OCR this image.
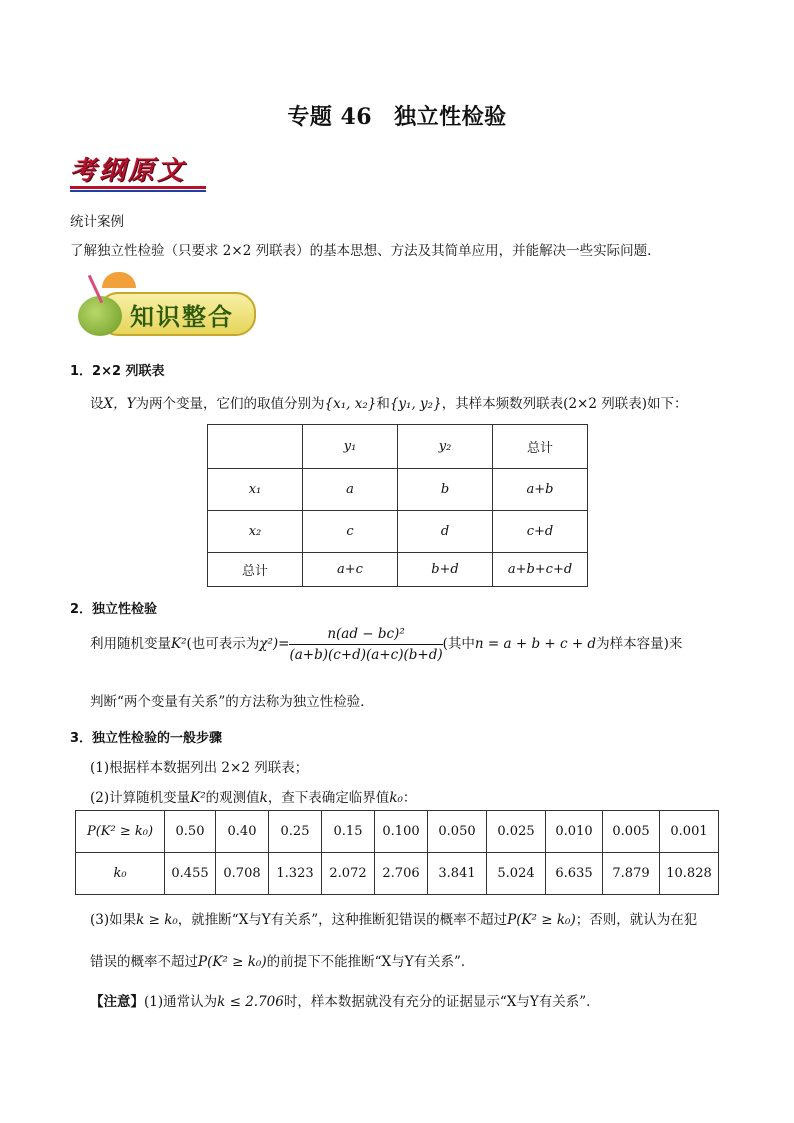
专题 46 独立性检验
考纲原文
统计案例
了解独立性检验（只要求 2×2 列联表）的基本思想、方法及其简单应用，并能解决一些实际问题.
知识整合
1．2×2 列联表
设X，Y为两个变量，它们的取值分别为{x₁, x₂}和{y₁, y₂}，其样本频数列联表(2×2 列联表)如下：
	y₁	y₂	总计
x₁	a	b	a+b
x₂	c	d	c+d
总计	a+c	b+d	a+b+c+d
2．独立性检验
利用随机变量K²(也可表示为$\chi^2)= \frac{\text{n(ad − bc)²}}{(a+b)(c+d)(a+c)(b+d)}$ (其中n = a + b + c + d为样本容量)来
判断“两个变量有关系”的方法称为独立性检验．
3．独立性检验的一般步骤
(1)根据样本数据列出 2×2 列联表；
(2)计算随机变量K²的观测值k，查下表确定临界值k₀：
P(K² ≥ k₀)	0.50	0.40	0.25	0.15	0.100	0.050	0.025	0.010	0.005	0.001
k₀	0.455	0.708	1.323	2.072	2.706	3.841	5.024	6.635	7.879	10.828
(3)如果k ≥ k₀，就推断“X与Y有关系”，这种推断犯错误的概率不超过P(K² ≥ k₀)；否则，就认为在犯
错误的概率不超过P(K² ≥ k₀)的前提下不能推断“X与Y有关系”．
【注意】(1)通常认为k ≤ 2.706时，样本数据就没有充分的证据显示“X与Y有关系”．
